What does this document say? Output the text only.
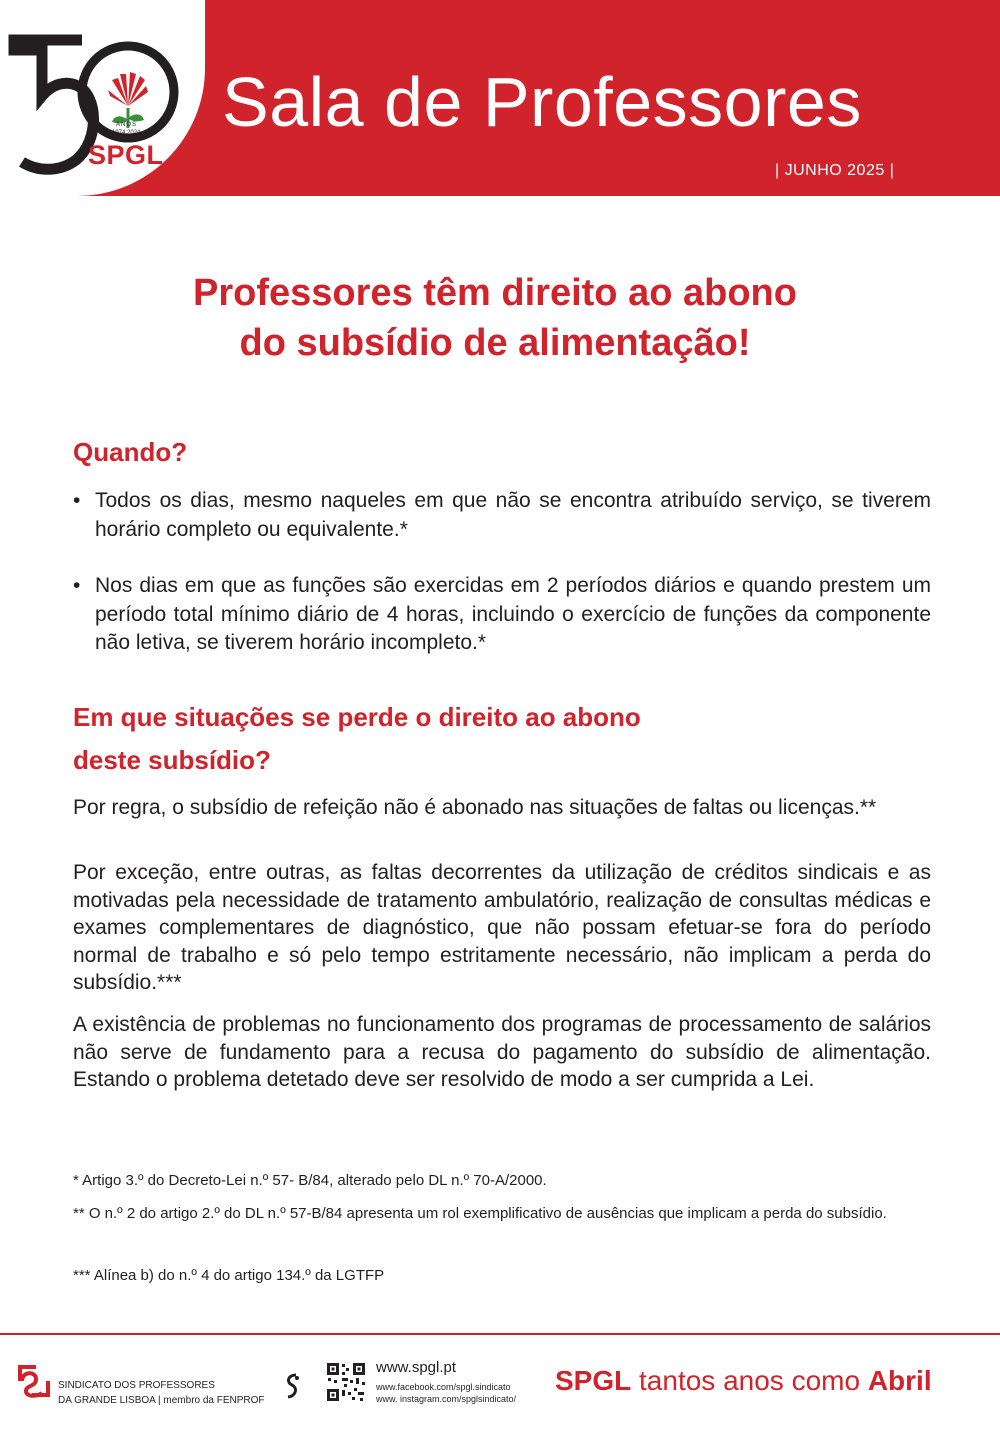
ANOS
1974.2024
SPGL
Sala de Professores
| JUNHO 2025 |
Professores têm direito ao abono
do subsídio de alimentação!
Quando?
• Todos os dias, mesmo naqueles em que não se encontra atribuído serviço, se tiverem horário completo ou equivalente.*
• Nos dias em que as funções são exercidas em 2 períodos diários e quando prestem um período total mínimo diário de 4 horas, incluindo o exercício de funções da componente não letiva, se tiverem horário incompleto.*
Em que situações se perde o direito ao abono
deste subsídio?

Por regra, o subsídio de refeição não é abonado nas situações de faltas ou licenças.**

Por exceção, entre outras, as faltas decorrentes da utilização de créditos sindicais e as motivadas pela necessidade de tratamento ambulatório, realização de consultas médicas e exames complementares de diagnóstico, que não possam efetuar-se fora do período normal de trabalho e só pelo tempo estritamente necessário, não implicam a perda do subsídio.***

A existência de problemas no funcionamento dos programas de processamento de salários não serve de fundamento para a recusa do pagamento do subsídio de alimentação. Estando o problema detetado deve ser resolvido de modo a ser cumprida a Lei.

* Artigo 3.º do Decreto-Lei n.º 57- B/84, alterado pelo DL n.º 70-A/2000.

** O n.º 2 do artigo 2.º do DL n.º 57-B/84 apresenta um rol exemplificativo de ausências que implicam a perda do subsídio.

*** Alínea b) do n.º 4 do artigo 134.º da LGTFP

SINDICATO DOS PROFESSORES
DA GRANDE LISBOA | membro da FENPROF
www.spgl.pt
www.facebook.com/spgl.sindicato
www. instagram.com/spglsindicato/
SPGL tantos anos como Abril
